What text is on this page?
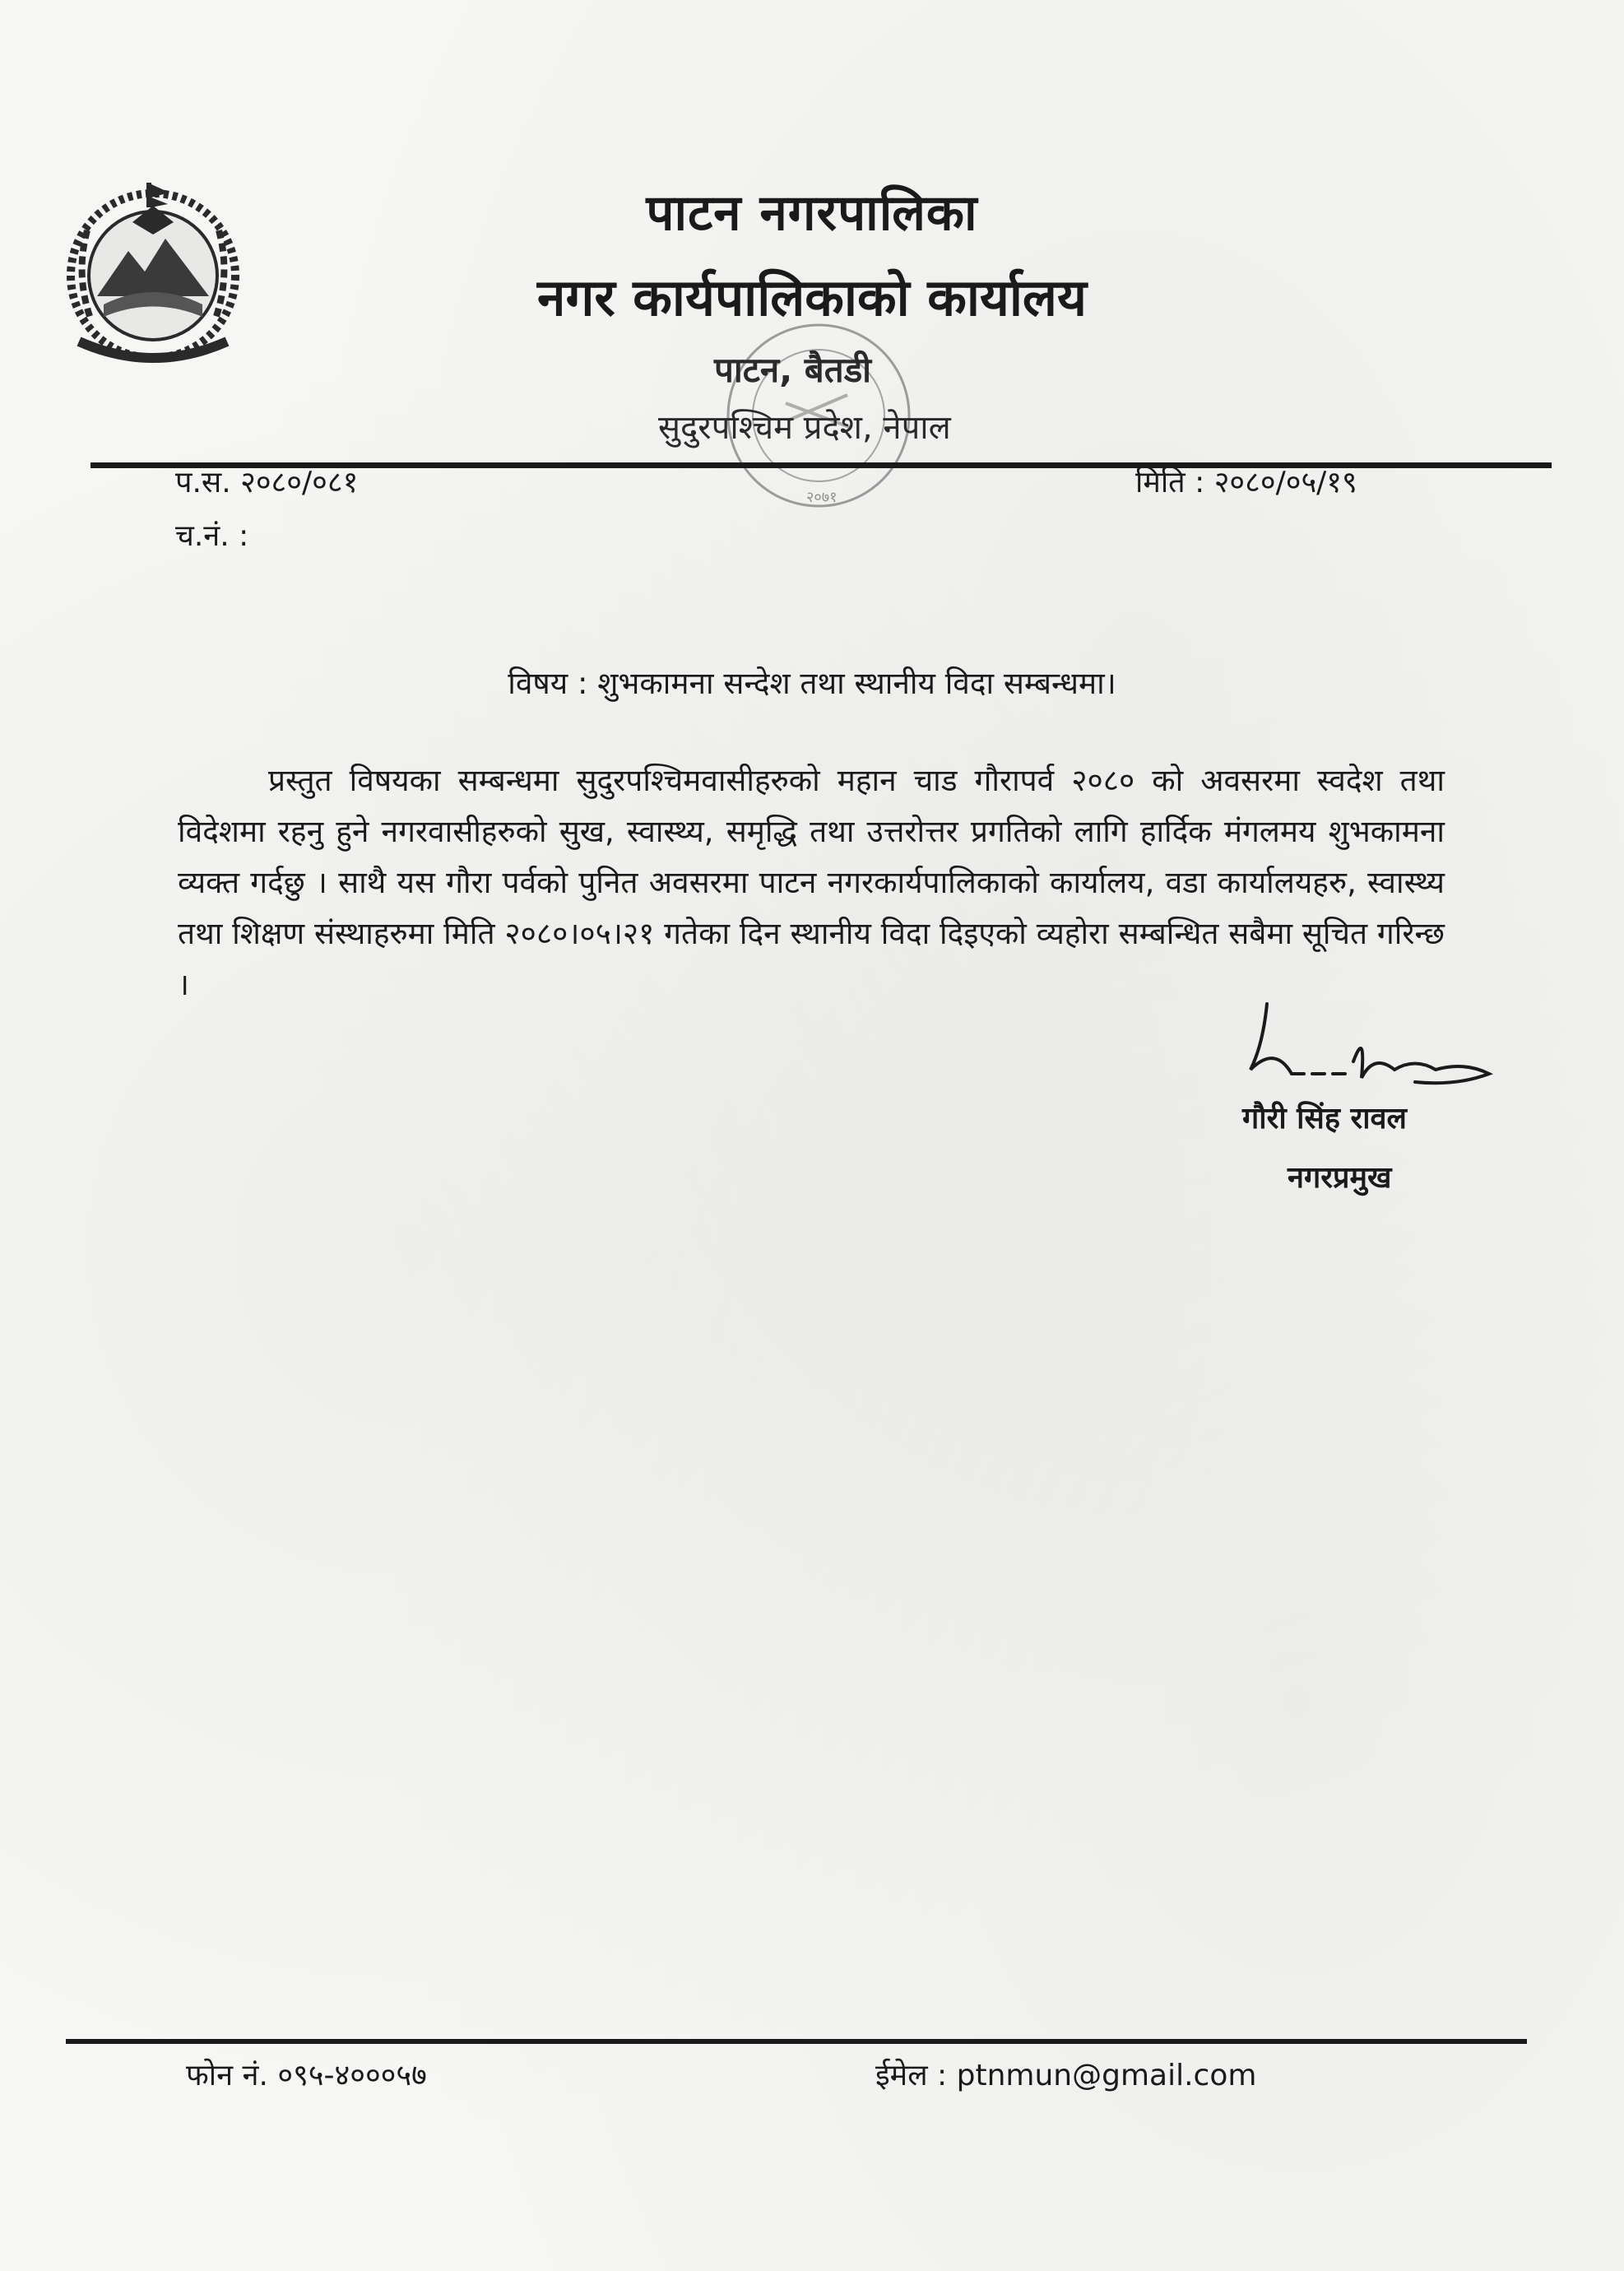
पाटन नगरपालिका
नगर कार्यपालिकाको कार्यालय
२०७१
पाटन, बैतडी
सुदुरपश्चिम प्रदेश, नेपाल
प.स. २०८०/०८१
च.नं. :
मिति : २०८०/०५/१९
विषय : शुभकामना सन्देश तथा स्थानीय विदा सम्बन्धमा।
प्रस्तुत विषयका सम्बन्धमा सुदुरपश्चिमवासीहरुको महान चाड गौरापर्व २०८० को अवसरमा स्वदेश तथा विदेशमा रहनु हुने नगरवासीहरुको सुख, स्वास्थ्य, समृद्धि तथा उत्तरोत्तर प्रगतिको लागि हार्दिक मंगलमय शुभकामना व्यक्त गर्दछु । साथै यस गौरा पर्वको पुनित अवसरमा पाटन नगरकार्यपालिकाको कार्यालय, वडा कार्यालयहरु, स्वास्थ्य तथा शिक्षण संस्थाहरुमा मिति २०८०।०५।२१ गतेका दिन स्थानीय विदा दिइएको व्यहोरा सम्बन्धित सबैमा सूचित गरिन्छ ।
गौरी सिंह रावल
नगरप्रमुख
फोन नं. ०९५-४०००५७	ईमेल : ptnmun@gmail.com
